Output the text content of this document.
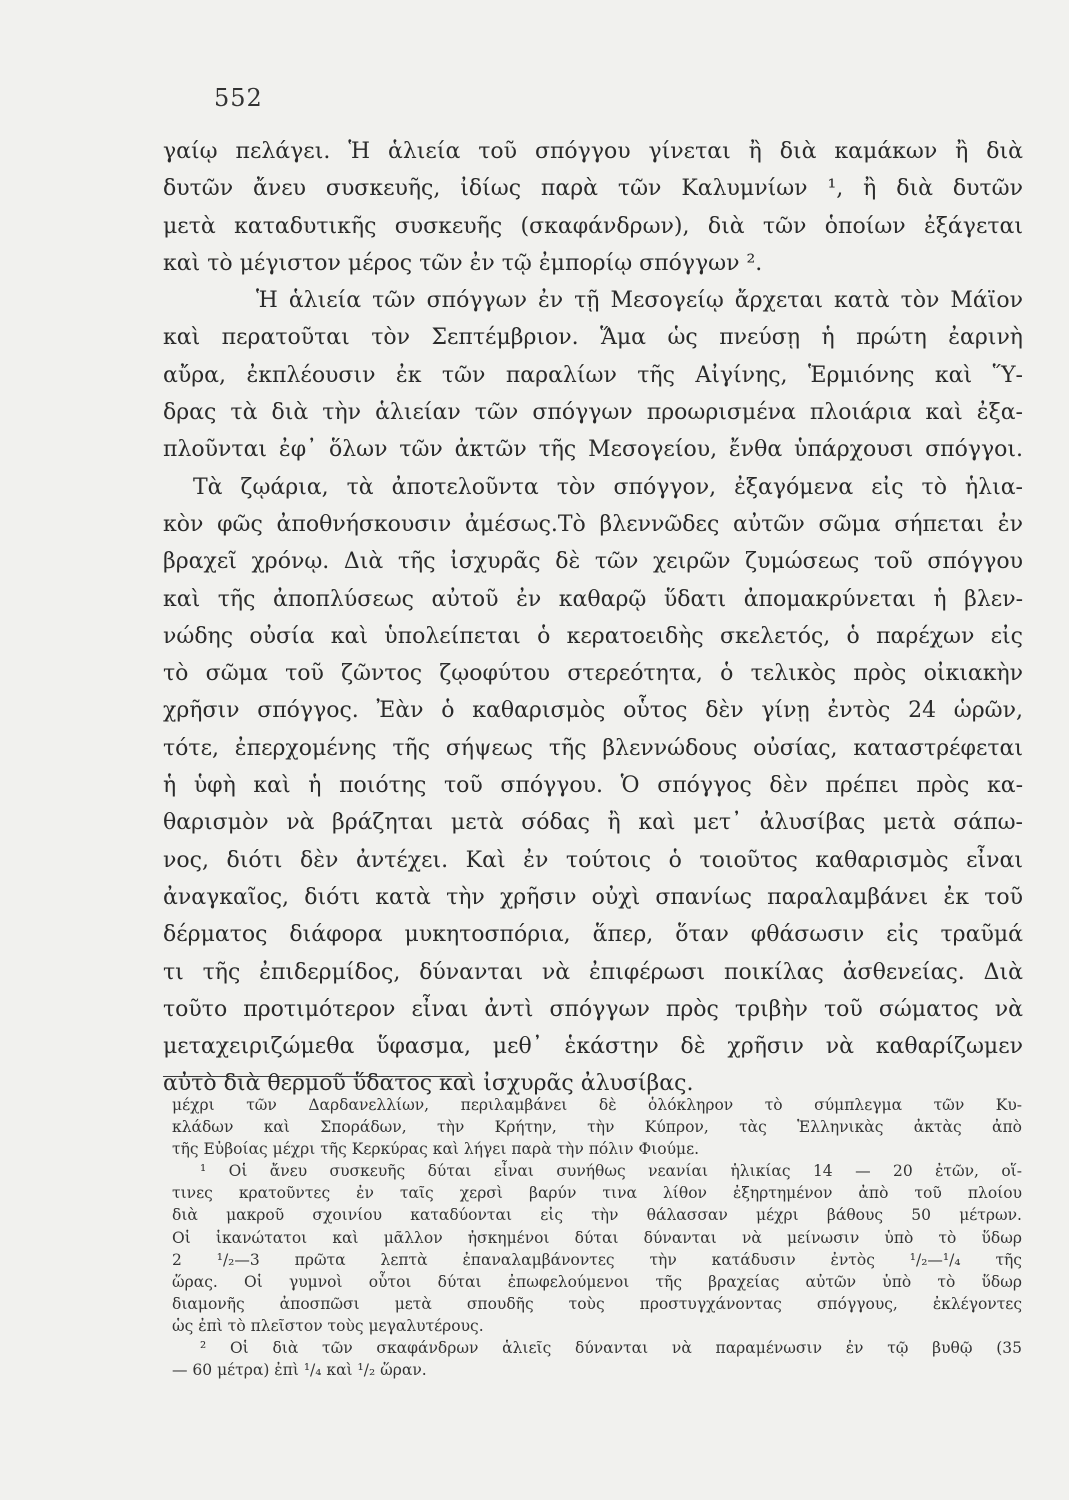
552
γαίῳ πελάγει. Ἡ ἁλιεία τοῦ σπόγγου γίνεται ἢ διὰ καμάκων ἢ διὰ
δυτῶν ἄνευ συσκευῆς, ἰδίως παρὰ τῶν Καλυμνίων ¹, ἢ διὰ δυτῶν
μετὰ καταδυτικῆς συσκευῆς (σκαφάνδρων), διὰ τῶν ὁποίων ἐξάγεται
καὶ τὸ μέγιστον μέρος τῶν ἐν τῷ ἐμπορίῳ σπόγγων ².
Ἡ ἁλιεία τῶν σπόγγων ἐν τῇ Μεσογείῳ ἄρχεται κατὰ τὸν Μάϊον
καὶ περατοῦται τὸν Σεπτέμβριον. Ἅμα ὡς πνεύσῃ ἡ πρώτη ἐαρινὴ
αὔρα, ἐκπλέουσιν ἐκ τῶν παραλίων τῆς Αἰγίνης, Ἑρμιόνης καὶ Ὕ-
δρας τὰ διὰ τὴν ἁλιείαν τῶν σπόγγων προωρισμένα πλοιάρια καὶ ἐξα-
πλοῦνται ἐφ᾽ ὅλων τῶν ἀκτῶν τῆς Μεσογείου, ἔνθα ὑπάρχουσι σπόγγοι.
Τὰ ζῳάρια, τὰ ἀποτελοῦντα τὸν σπόγγον, ἐξαγόμενα εἰς τὸ ἡλια-
κὸν φῶς ἀποθνήσκουσιν ἀμέσως.Τὸ βλεννῶδες αὐτῶν σῶμα σήπεται ἐν
βραχεῖ χρόνῳ. Διὰ τῆς ἰσχυρᾶς δὲ τῶν χειρῶν ζυμώσεως τοῦ σπόγγου
καὶ τῆς ἀποπλύσεως αὐτοῦ ἐν καθαρῷ ὕδατι ἀπομακρύνεται ἡ βλεν-
νώδης οὐσία καὶ ὑπολείπεται ὁ κερατοειδὴς σκελετός, ὁ παρέχων εἰς
τὸ σῶμα τοῦ ζῶντος ζῳοφύτου στερεότητα, ὁ τελικὸς πρὸς οἰκιακὴν
χρῆσιν σπόγγος. Ἐὰν ὁ καθαρισμὸς οὗτος δὲν γίνῃ ἐντὸς 24 ὡρῶν,
τότε, ἐπερχομένης τῆς σήψεως τῆς βλεννώδους οὐσίας, καταστρέφεται
ἡ ὑφὴ καὶ ἡ ποιότης τοῦ σπόγγου. Ὁ σπόγγος δὲν πρέπει πρὸς κα-
θαρισμὸν νὰ βράζηται μετὰ σόδας ἢ καὶ μετ᾽ ἀλυσίβας μετὰ σάπω-
νος, διότι δὲν ἀντέχει. Καὶ ἐν τούτοις ὁ τοιοῦτος καθαρισμὸς εἶναι
ἀναγκαῖος, διότι κατὰ τὴν χρῆσιν οὐχὶ σπανίως παραλαμβάνει ἐκ τοῦ
δέρματος διάφορα μυκητοσπόρια, ἅπερ, ὅταν φθάσωσιν εἰς τραῦμά
τι τῆς ἐπιδερμίδος, δύνανται νὰ ἐπιφέρωσι ποικίλας ἀσθενείας. Διὰ
τοῦτο προτιμότερον εἶναι ἀντὶ σπόγγων πρὸς τριβὴν τοῦ σώματος νὰ
μεταχειριζώμεθα ὕφασμα, μεθ᾽ ἑκάστην δὲ χρῆσιν νὰ καθαρίζωμεν
αὐτὸ διὰ θερμοῦ ὕδατος καὶ ἰσχυρᾶς ἀλυσίβας.
μέχρι τῶν Δαρδανελλίων, περιλαμβάνει δὲ ὁλόκληρον τὸ σύμπλεγμα τῶν Κυ-
κλάδων καὶ Σποράδων, τὴν Κρήτην, τὴν Κύπρον, τὰς Ἑλληνικὰς ἀκτὰς ἀπὸ
τῆς Εὐβοίας μέχρι τῆς Κερκύρας καὶ λήγει παρὰ τὴν πόλιν Φιούμε.
¹ Οἱ ἄνευ συσκευῆς δύται εἶναι συνήθως νεανίαι ἡλικίας 14 — 20 ἐτῶν, οἵ-
τινες κρατοῦντες ἐν ταῖς χερσὶ βαρύν τινα λίθον ἐξηρτημένον ἀπὸ τοῦ πλοίου
διὰ μακροῦ σχοινίου καταδύονται εἰς τὴν θάλασσαν μέχρι βάθους 50 μέτρων.
Οἱ ἱκανώτατοι καὶ μᾶλλον ἠσκημένοι δύται δύνανται νὰ μείνωσιν ὑπὸ τὸ ὕδωρ
2 ¹/₂—3 πρῶτα λεπτὰ ἐπαναλαμβάνοντες τὴν κατάδυσιν ἐντὸς ¹/₂—¹/₄ τῆς
ὥρας. Οἱ γυμνοὶ οὗτοι δύται ἐπωφελούμενοι τῆς βραχείας αὐτῶν ὑπὸ τὸ ὕδωρ
διαμονῆς ἀποσπῶσι μετὰ σπουδῆς τοὺς προστυγχάνοντας σπόγγους, ἐκλέγοντες
ὡς ἐπὶ τὸ πλεῖστον τοὺς μεγαλυτέρους.
² Οἱ διὰ τῶν σκαφάνδρων ἁλιεῖς δύνανται νὰ παραμένωσιν ἐν τῷ βυθῷ (35
— 60 μέτρα) ἐπὶ ¹/₄ καὶ ¹/₂ ὥραν.
